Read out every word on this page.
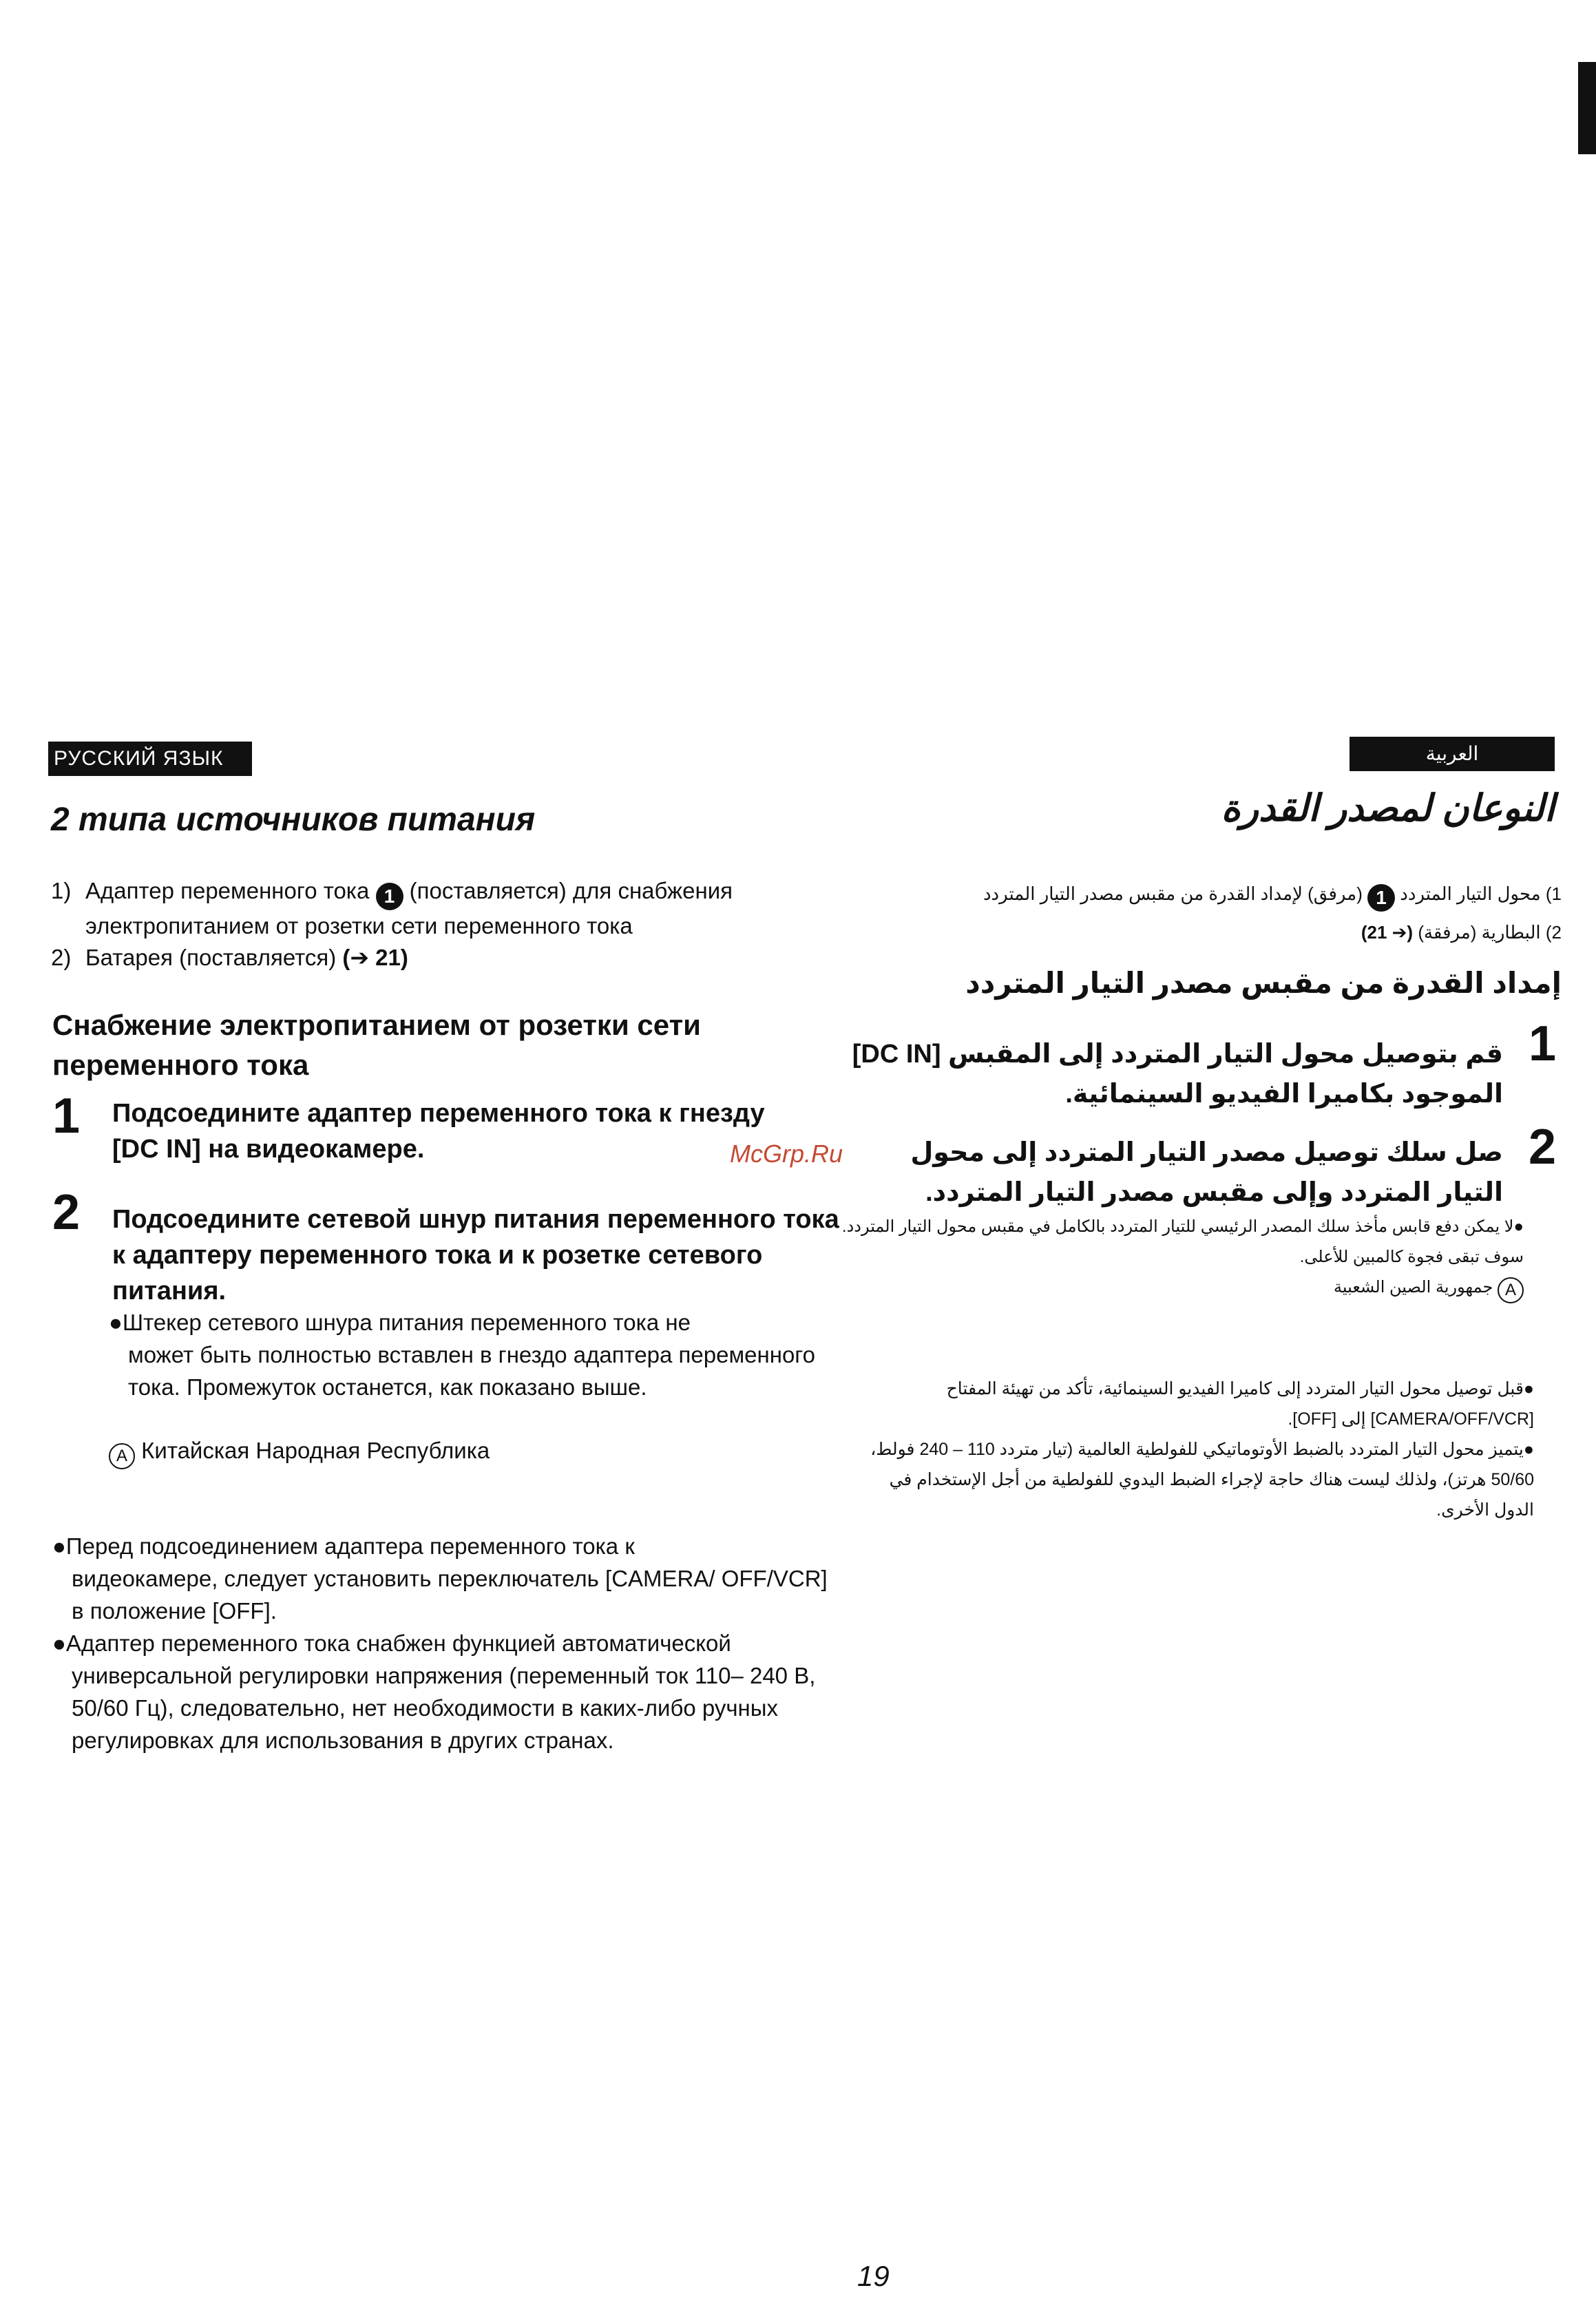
РУССКИЙ ЯЗЫК
2 типа источников питания
1) Адаптер переменного тока 1 (поставляется) для снабжения
электропитанием от розетки сети переменного тока
2) Батарея (поставляется) (➔ 21)
Снабжение электропитанием от розетки сети переменного тока
1 Подсоедините адаптер переменного тока к гнезду [DC IN] на видеокамере.	McGrp.Ru
2 Подсоедините сетевой шнур питания переменного тока к адаптеру переменного тока и к розетке сетевого питания.
●Штекер сетевого шнура питания переменного тока не
может быть полностью вставлен в гнездо адаптера переменного тока. Промежуток останется, как показано выше.
A Китайская Народная Республика

●Перед подсоединением адаптера переменного тока к
видеокамере, следует установить переключатель [CAMERA/ OFF/VCR] в положение [OFF].

●Адаптер переменного тока снабжен функцией автоматической
универсальной регулировки напряжения (переменный ток 110– 240 В, 50/60 Гц), следовательно, нет необходимости в каких-либо ручных регулировках для использования в других странах.

العربية
النوعان لمصدر القدرة
1) محول التيار المتردد 1 (مرفق) لإمداد القدرة من مقبس مصدر التيار المتردد
2) البطارية (مرفقة) (➔ 21)
إمداد القدرة من مقبس مصدر التيار المتردد
1
قم بتوصيل محول التيار المتردد إلى المقبس [DC IN] الموجود بكاميرا الفيديو السينمائية.
2
صل سلك توصيل مصدر التيار المتردد إلى محول التيار المتردد وإلى مقبس مصدر التيار المتردد.
●لا يمكن دفع قابس مأخذ سلك المصدر الرئيسي للتيار المتردد بالكامل في مقبس محول التيار المتردد. سوف تبقى فجوة كالمبين للأعلى.
A جمهورية الصين الشعبية

●قبل توصيل محول التيار المتردد إلى كاميرا الفيديو السينمائية، تأكد من تهيئة المفتاح [CAMERA/OFF/VCR] إلى [OFF].

●يتميز محول التيار المتردد بالضبط الأوتوماتيكي للفولطية العالمية (تيار متردد 110 – 240 فولط، 50/60 هرتز)، ولذلك ليست هناك حاجة لإجراء الضبط اليدوي للفولطية من أجل الإستخدام في الدول الأخرى.

19
